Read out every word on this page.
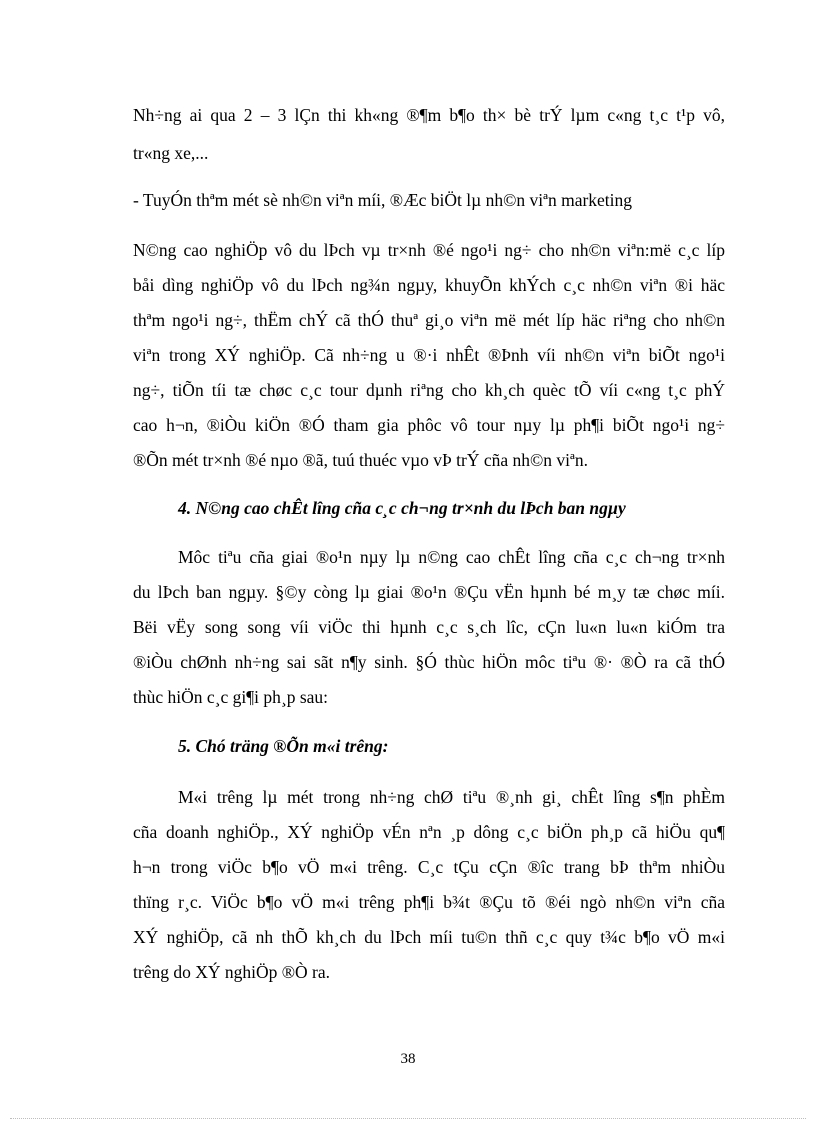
Nh÷ng ai qua 2 – 3 lÇn thi kh«ng ®¶m b¶o th× bè trÝ lµm c«ng t¸c t¹p vô,
tr«ng xe,...
- TuyÓn thªm mét sè nh©n viªn míi, ®Æc biÖt lµ nh©n viªn marketing
N©ng cao nghiÖp vô du lÞch vµ tr×nh ®é ngo¹i ng÷ cho nh©n viªn:më c¸c líp
båi dìng nghiÖp vô du lÞch ng¾n ngµy, khuyÕn khÝch c¸c nh©n viªn ®i häc
thªm ngo¹i ng÷, thËm chÝ cã thÓ thuª gi¸o viªn më mét líp häc riªng cho nh©n
viªn trong XÝ nghiÖp. Cã nh÷ng u ®·i nhÊt ®Þnh víi nh©n viªn biÕt ngo¹i
ng÷, tiÕn tíi tæ chøc c¸c tour dµnh riªng cho kh¸ch quèc tÕ víi c«ng t¸c phÝ
cao h¬n, ®iÒu kiÖn ®Ó tham gia phôc vô tour nµy lµ ph¶i biÕt ngo¹i ng÷
®Õn mét tr×nh ®é nµo ®ã, tuú thuéc vµo vÞ trÝ cña nh©n viªn.
4. N©ng cao chÊt lîng cña c¸c ch¬ng tr×nh du lÞch ban ngµy
Môc tiªu cña giai ®o¹n nµy lµ n©ng cao chÊt lîng cña c¸c ch¬ng tr×nh
du lÞch ban ngµy. §©y còng lµ giai ®o¹n ®Çu vËn hµnh bé m¸y tæ chøc míi.
Bëi vËy song song víi viÖc thi hµnh c¸c s¸ch lîc, cÇn lu«n lu«n kiÓm tra
®iÒu chØnh nh÷ng sai sãt n¶y sinh. §Ó thùc hiÖn môc tiªu ®· ®Ò ra cã thÓ
thùc hiÖn c¸c gi¶i ph¸p sau:
5. Chó träng ®Õn m«i trêng:
M«i trêng lµ mét trong nh÷ng chØ tiªu ®¸nh gi¸ chÊt lîng s¶n phÈm
cña doanh nghiÖp., XÝ nghiÖp vÉn nªn ¸p dông c¸c biÖn ph¸p cã hiÖu qu¶
h¬n trong viÖc b¶o vÖ m«i trêng. C¸c tÇu cÇn ®îc trang bÞ thªm nhiÒu
thïng r¸c. ViÖc b¶o vÖ m«i trêng ph¶i b¾t ®Çu tõ ®éi ngò nh©n viªn cña
XÝ nghiÖp, cã nh thÕ kh¸ch du lÞch míi tu©n thñ c¸c quy t¾c b¶o vÖ m«i
trêng do XÝ nghiÖp ®Ò ra.
38
